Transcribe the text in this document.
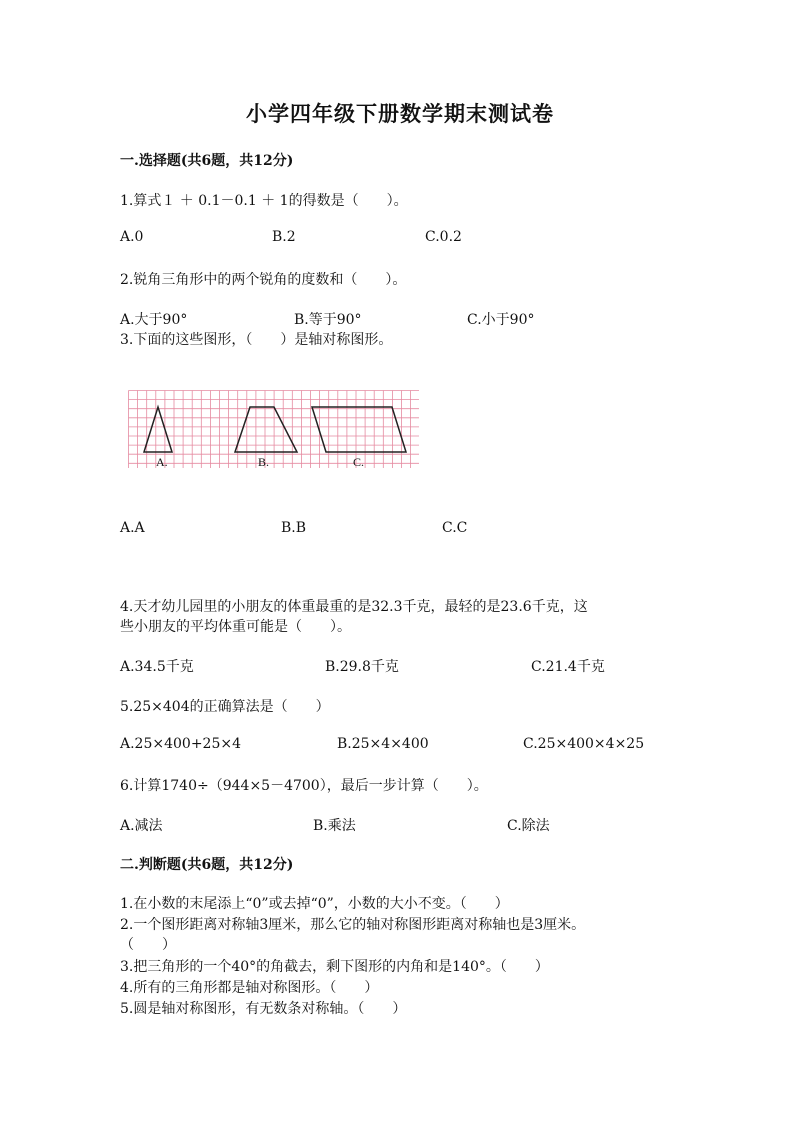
小学四年级下册数学期末测试卷
一.选择题(共6题，共12分)
1.算式１ ＋ 0.1－0.1 ＋ 1的得数是（　　）。
A.0	B.2	C.0.2
2.锐角三角形中的两个锐角的度数和（　　）。
A.大于90°	B.等于90°	C.小于90°
3.下面的这些图形，（　　）是轴对称图形。
A.	B.	C.
A.A	B.B	C.C
4.天才幼儿园里的小朋友的体重最重的是32.3千克，最轻的是23.6千克，这
些小朋友的平均体重可能是（　　）。
A.34.5千克	B.29.8千克	C.21.4千克
5.25×404的正确算法是（　　）
A.25×400+25×4	B.25×4×400	C.25×400×4×25
6.计算1740÷（944×5－4700），最后一步计算（　　）。
A.减法	B.乘法	C.除法
二.判断题(共6题，共12分)
1.在小数的末尾添上“0”或去掉“0”，小数的大小不变。（　　）
2.一个图形距离对称轴3厘米，那么它的轴对称图形距离对称轴也是3厘米。
（　　）
3.把三角形的一个40°的角截去，剩下图形的内角和是140°。（　　）
4.所有的三角形都是轴对称图形。（　　）
5.圆是轴对称图形，有无数条对称轴。（　　）
